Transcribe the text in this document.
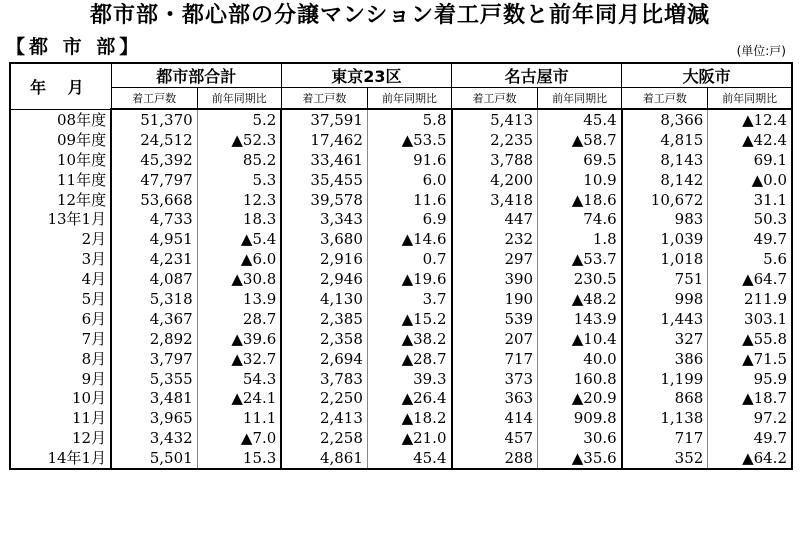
都市部・都心部の分譲マンション着工戸数と前年同月比増減
【都 市 部】	(単位:戸)
年 月	都市部合計		東京23区		名古屋市		大阪市	
	着工戸数	前年同期比	着工戸数	前年同期比	着工戸数	前年同期比	着工戸数	前年同期比
08年度	51,370	5.2	37,591	5.8	5,413	45.4	8,366	▲12.4
09年度	24,512	▲52.3	17,462	▲53.5	2,235	▲58.7	4,815	▲42.4
10年度	45,392	85.2	33,461	91.6	3,788	69.5	8,143	69.1
11年度	47,797	5.3	35,455	6.0	4,200	10.9	8,142	▲0.0
12年度	53,668	12.3	39,578	11.6	3,418	▲18.6	10,672	31.1
13年1月	4,733	18.3	3,343	6.9	447	74.6	983	50.3
2月	4,951	▲5.4	3,680	▲14.6	232	1.8	1,039	49.7
3月	4,231	▲6.0	2,916	0.7	297	▲53.7	1,018	5.6
4月	4,087	▲30.8	2,946	▲19.6	390	230.5	751	▲64.7
5月	5,318	13.9	4,130	3.7	190	▲48.2	998	211.9
6月	4,367	28.7	2,385	▲15.2	539	143.9	1,443	303.1
7月	2,892	▲39.6	2,358	▲38.2	207	▲10.4	327	▲55.8
8月	3,797	▲32.7	2,694	▲28.7	717	40.0	386	▲71.5
9月	5,355	54.3	3,783	39.3	373	160.8	1,199	95.9
10月	3,481	▲24.1	2,250	▲26.4	363	▲20.9	868	▲18.7
11月	3,965	11.1	2,413	▲18.2	414	909.8	1,138	97.2
12月	3,432	▲7.0	2,258	▲21.0	457	30.6	717	49.7
14年1月	5,501	15.3	4,861	45.4	288	▲35.6	352	▲64.2
